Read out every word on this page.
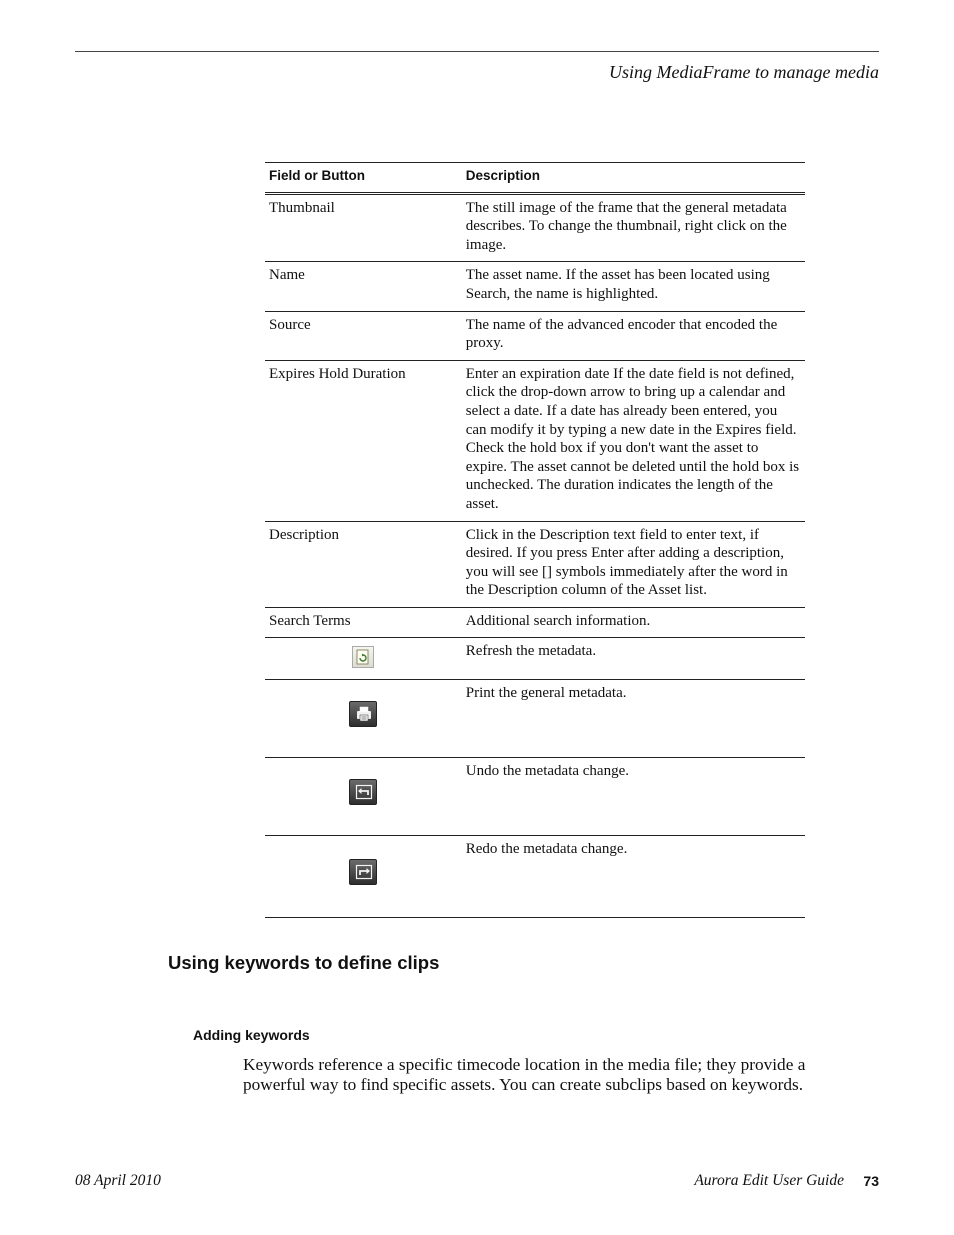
Using MediaFrame to manage media
Field or Button	Description
Thumbnail	The still image of the frame that the general metadata describes. To change the thumbnail, right click on the image.
Name	The asset name. If the asset has been located using Search, the name is highlighted.
Source	The name of the advanced encoder that encoded the proxy.
Expires Hold Duration	Enter an expiration date If the date field is not defined, click the drop-down arrow to bring up a calendar and select a date. If a date has already been entered, you can modify it by typing a new date in the Expires field. Check the hold box if you don't want the asset to expire. The asset cannot be deleted until the hold box is unchecked. The duration indicates the length of the asset.
Description	Click in the Description text field to enter text, if desired. If you press Enter after adding a description, you will see [] symbols immediately after the word in the Description column of the Asset list.
Search Terms	Additional search information.

	Refresh the metadata.

	Print the general metadata.

	Undo the metadata change.

	Redo the metadata change.
Using keywords to define clips
Adding keywords

Keywords reference a specific timecode location in the media file; they provide a powerful way to find specific assets. You can create subclips based on keywords.

08 April 2010	Aurora Edit User Guide 73
